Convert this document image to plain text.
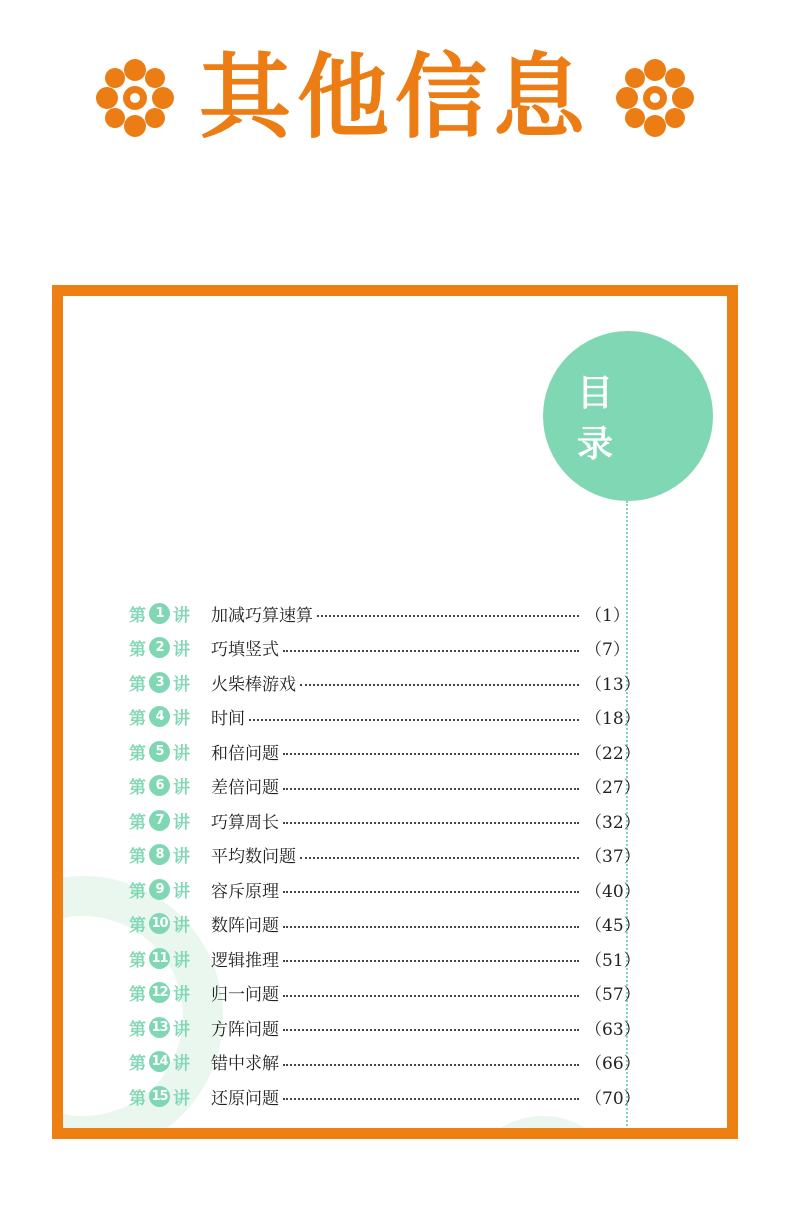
其他信息
目录
第 1 讲 加减巧算速算	（1）
第 2 讲 巧填竖式	（7）
第 3 讲 火柴棒游戏	（13）
第 4 讲 时间	（18）
第 5 讲 和倍问题	（22）
第 6 讲 差倍问题	（27）
第 7 讲 巧算周长	（32）
第 8 讲 平均数问题	（37）
第 9 讲 容斥原理	（40）
第 10 讲 数阵问题	（45）
第 11 讲 逻辑推理	（51）
第 12 讲 归一问题	（57）
第 13 讲 方阵问题	（63）
第 14 讲 错中求解	（66）
第 15 讲 还原问题	（70）
